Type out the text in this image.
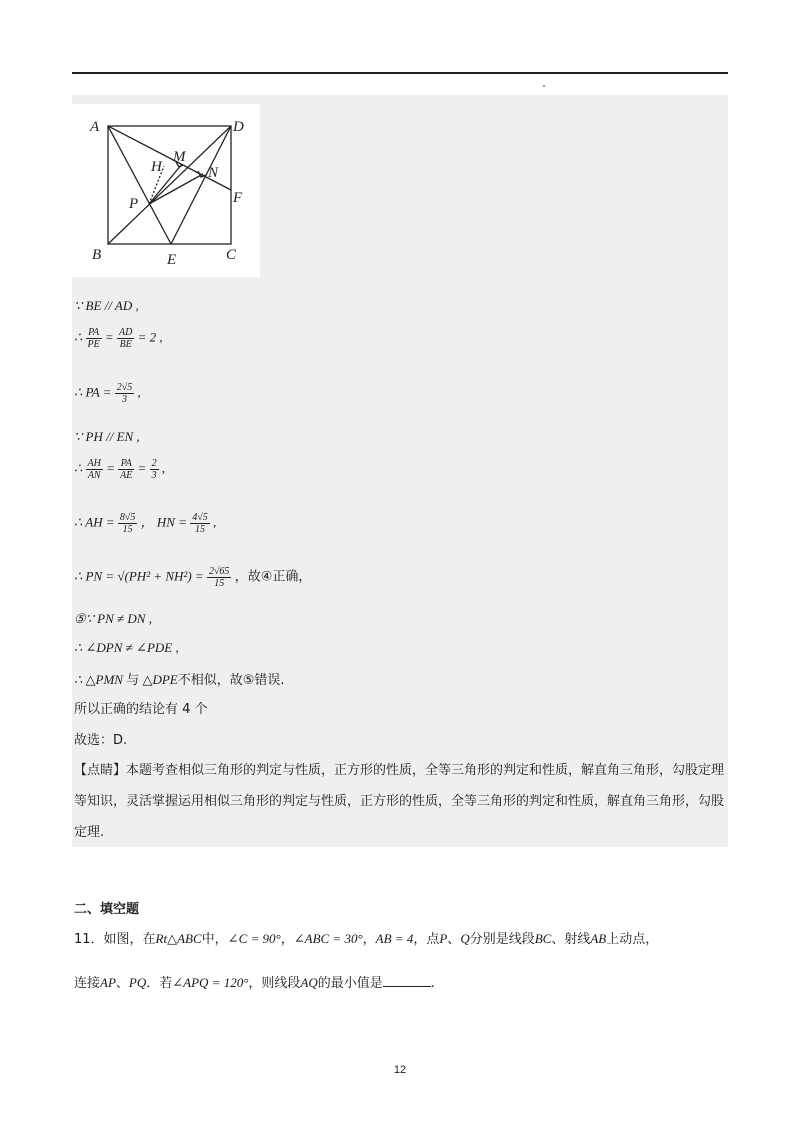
A	D
B	C
E
F
H
M
N
P
∵ BE // AD ,
∴ $\frac{PA}{PE} = \frac{AD}{BE} = 2$ ,
∴ PA = $\frac{2√5}{3}$ ,
∵ PH // EN ,
∴ $\frac{AH}{AN} = \frac{PA}{AE} = \frac{2}{3}$ ,
∴ AH = $\frac{8√5}{15}$ ， HN = $\frac{4√5}{15}$ ,
∴ PN = $√(PH^2 + NH^2) = \frac{2√65}{15}$ ，故④正确，
⑤∵ PN ≠ DN ,
∴ ∠DPN ≠ ∠PDE ,
∴ △PMN 与 △DPE不相似，故⑤错误.
所以正确的结论有 4 个
故选：D.
【点睛】本题考查相似三角形的判定与性质，正方形的性质，全等三角形的判定和性质，解直角三角形，勾股定理等知识，灵活掌握运用相似三角形的判定与性质，正方形的性质，全等三角形的判定和性质，解直角三角形，勾股定理.
二、填空题
11．如图，在Rt△ABC中，∠C = 90°，∠ABC = 30°，AB = 4，点P、Q分别是线段BC、射线AB上动点，
连接AP、PQ．若∠APQ = 120°，则线段AQ的最小值是	.
12
